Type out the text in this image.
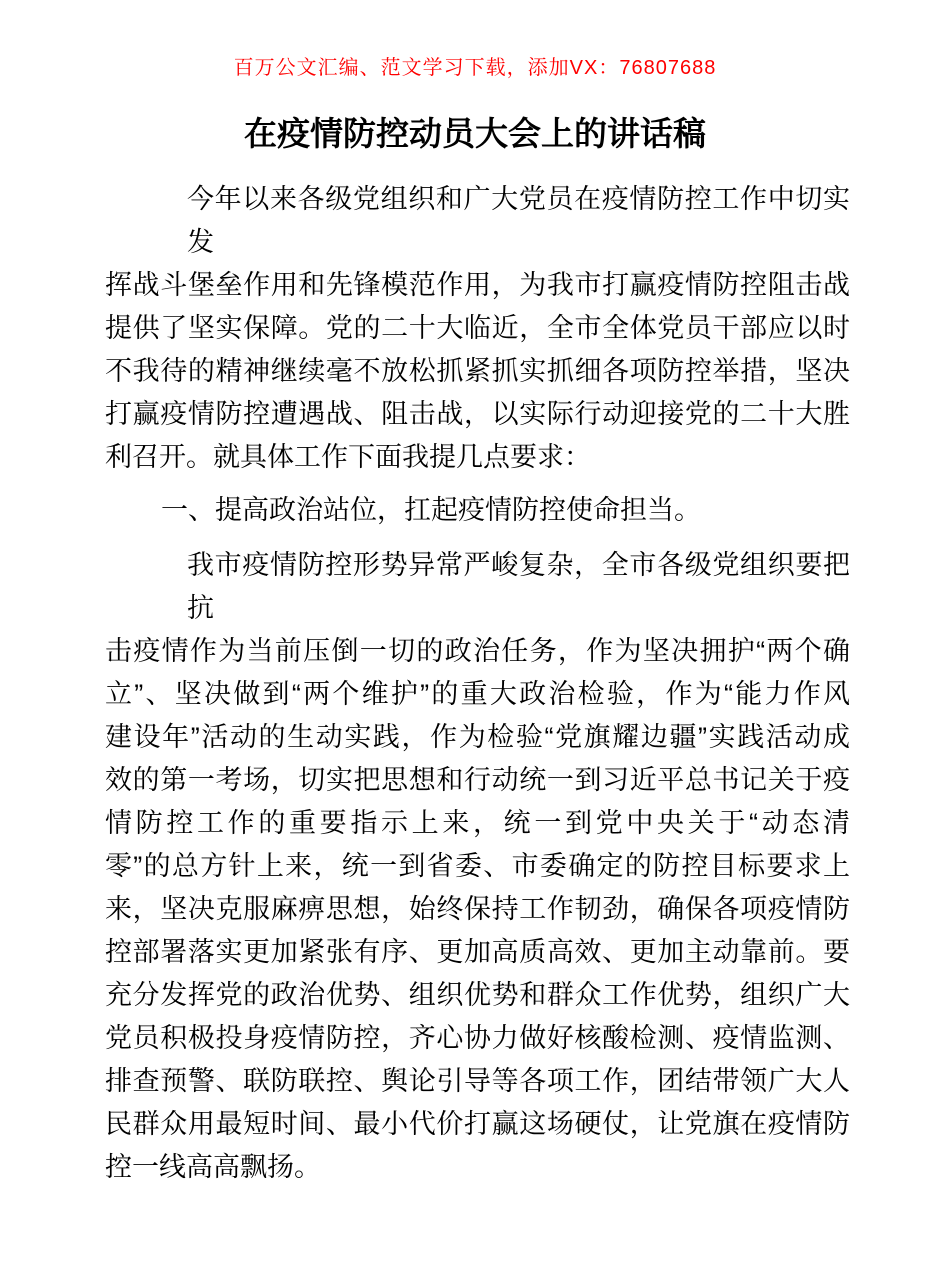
百万公文汇编、范文学习下载，添加VX：76807688
在疫情防控动员大会上的讲话稿
今年以来各级党组织和广大党员在疫情防控工作中切实发
挥战斗堡垒作用和先锋模范作用，为我市打赢疫情防控阻击战
提供了坚实保障。党的二十大临近，全市全体党员干部应以时
不我待的精神继续毫不放松抓紧抓实抓细各项防控举措，坚决
打赢疫情防控遭遇战、阻击战，以实际行动迎接党的二十大胜
利召开。就具体工作下面我提几点要求：
一、提高政治站位，扛起疫情防控使命担当。
我市疫情防控形势异常严峻复杂，全市各级党组织要把抗
击疫情作为当前压倒一切的政治任务，作为坚决拥护“两个确
立”、坚决做到“两个维护”的重大政治检验，作为“能力作风
建设年”活动的生动实践，作为检验“党旗耀边疆”实践活动成
效的第一考场，切实把思想和行动统一到习近平总书记关于疫
情防控工作的重要指示上来，统一到党中央关于“动态清
零”的总方针上来，统一到省委、市委确定的防控目标要求上
来，坚决克服麻痹思想，始终保持工作韧劲，确保各项疫情防
控部署落实更加紧张有序、更加高质高效、更加主动靠前。要
充分发挥党的政治优势、组织优势和群众工作优势，组织广大
党员积极投身疫情防控，齐心协力做好核酸检测、疫情监测、
排查预警、联防联控、舆论引导等各项工作，团结带领广大人
民群众用最短时间、最小代价打赢这场硬仗，让党旗在疫情防
控一线高高飘扬。
